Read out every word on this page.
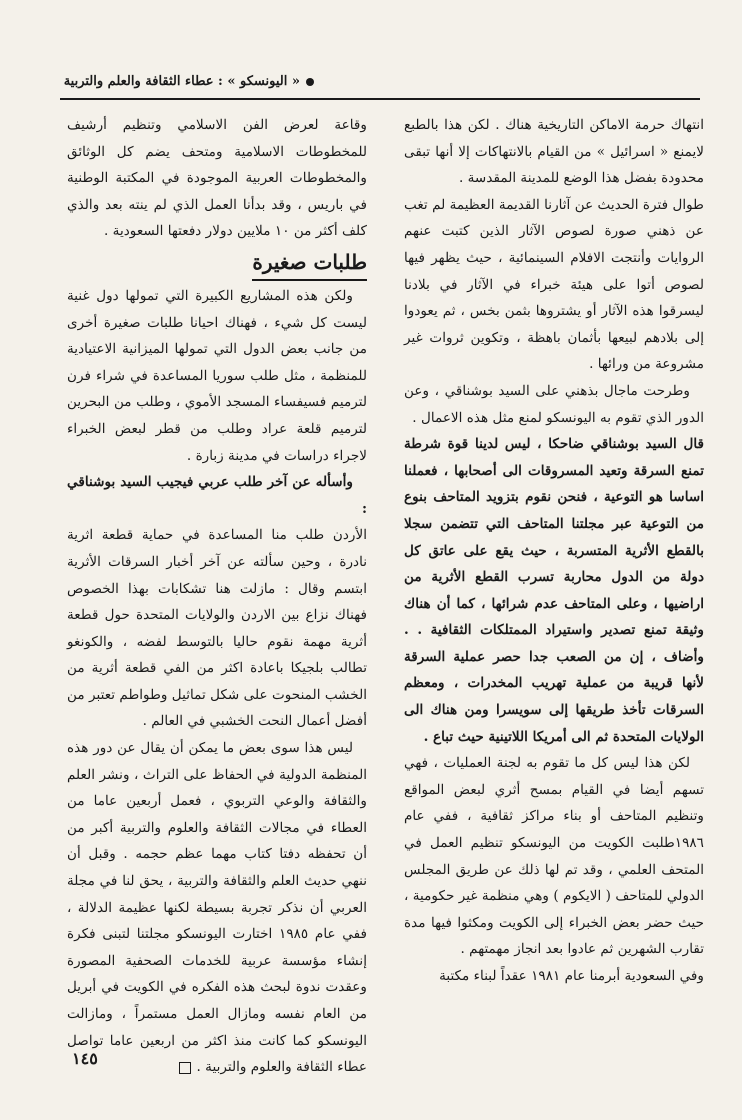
« اليونسكو » : عطاء الثقافة والعلم والتربية

انتهاك حرمة الاماكن التاريخية هناك . لكن هذا بالطبع لايمنع « اسرائيل » من القيام بالانتهاكات إلا أنها تبقى محدودة بفضل هذا الوضع للمدينة المقدسة .

طوال فترة الحديث عن آثارنا القديمة العظيمة لم تغب عن ذهني صورة لصوص الآثار الذين كتبت عنهم الروايات وأنتجت الافلام السينمائية ، حيث يظهر فيها لصوص أتوا على هيئة خبراء في الآثار في بلادنا ليسرقوا هذه الآثار أو يشتروها بثمن بخس ، ثم يعودوا إلى بلادهم لبيعها بأثمان باهظة ، وتكوين ثروات غير مشروعة من ورائها .

وطرحت ماجال بذهني على السيد بوشناقي ، وعن الدور الذي تقوم به اليونسكو لمنع مثل هذه الاعمال .

قال السيد بوشناقي ضاحكا ، ليس لدينا قوة شرطة تمنع السرقة وتعيد المسروقات الى أصحابها ، فعملنا اساسا هو التوعية ، فنحن نقوم بتزويد المتاحف بنوع من التوعية عبر مجلتنا المتاحف التي تتضمن سجلا بالقطع الأثرية المتسربة ، حيث يقع على عاتق كل دولة من الدول محاربة تسرب القطع الأثرية من اراضيها ، وعلى المتاحف عدم شرائها ، كما أن هناك وثيقة تمنع تصدير واستيراد الممتلكات الثقافية . . وأضاف ، إن من الصعب جدا حصر عملية السرقة لأنها قريبة من عملية تهريب المخدرات ، ومعظم السرقات تأخذ طريقها إلى سويسرا ومن هناك الى الولايات المتحدة ثم الى أمريكا اللاتينية حيث تباع .

لكن هذا ليس كل ما تقوم به لجنة العمليات ، فهي تسهم أيضا في القيام بمسح أثري لبعض المواقع وتنظيم المتاحف أو بناء مراكز ثقافية ، ففي عام ١٩٨٦طلبت الكويت من اليونسكو تنظيم العمل في المتحف العلمي ، وقد تم لها ذلك عن طريق المجلس الدولي للمتاحف ( الايكوم ) وهي منظمة غير حكومية ، حيث حضر بعض الخبراء إلى الكويت ومكثوا فيها مدة تقارب الشهرين ثم عادوا بعد انجاز مهمتهم .

وفي السعودية أبرمنا عام ١٩٨١ عقداً لبناء مكتبة

وقاعة لعرض الفن الاسلامي وتنظيم أرشيف للمخطوطات الاسلامية ومتحف يضم كل الوثائق والمخطوطات العربية الموجودة في المكتبة الوطنية في باريس ، وقد بدأنا العمل الذي لم ينته بعد والذي كلف أكثر من ١٠ ملايين دولار دفعتها السعودية .

طلبات صغيرة

ولكن هذه المشاريع الكبيرة التي تمولها دول غنية ليست كل شيء ، فهناك احيانا طلبات صغيرة أخرى من جانب بعض الدول التي تمولها الميزانية الاعتيادية للمنظمة ، مثل طلب سوريا المساعدة في شراء فرن لترميم فسيفساء المسجد الأموي ، وطلب من البحرين لترميم قلعة عراد وطلب من قطر لبعض الخبراء لاجراء دراسات في مدينة زبارة .

وأسأله عن آخر طلب عربي فيجيب السيد بوشناقي :

الأردن طلب منا المساعدة في حماية قطعة اثرية نادرة ، وحين سألته عن آخر أخبار السرقات الأثرية ابتسم وقال : مازلت هنا تشكابات بهذا الخصوص فهناك نزاع بين الاردن والولايات المتحدة حول قطعة أثرية مهمة نقوم حاليا بالتوسط لفضه ، والكونغو تطالب بلجيكا باعادة اكثر من الفي قطعة أثرية من الخشب المنحوت على شكل تماثيل وطواطم تعتبر من أفضل أعمال النحت الخشبي في العالم .

ليس هذا سوى بعض ما يمكن أن يقال عن دور هذه المنظمة الدولية في الحفاظ على التراث ، ونشر العلم والثقافة والوعي التربوي ، فعمل أربعين عاما من العطاء في مجالات الثقافة والعلوم والتربية أكبر من أن تحفظه دفتا كتاب مهما عظم حجمه . وقبل أن ننهي حديث العلم والثقافة والتربية ، يحق لنا في مجلة العربي أن نذكر تجربة بسيطة لكنها عظيمة الدلالة ، ففي عام ١٩٨٥ اختارت اليونسكو مجلتنا لتبنى فكرة إنشاء مؤسسة عربية للخدمات الصحفية المصورة وعقدت ندوة لبحث هذه الفكره في الكويت في أبريل من العام نفسه ومازال العمل مستمراً ، ومازالت اليونسكو كما كانت منذ اكثر من اربعين عاما تواصل عطاء الثقافة والعلوم والتربية .

١٤٥
